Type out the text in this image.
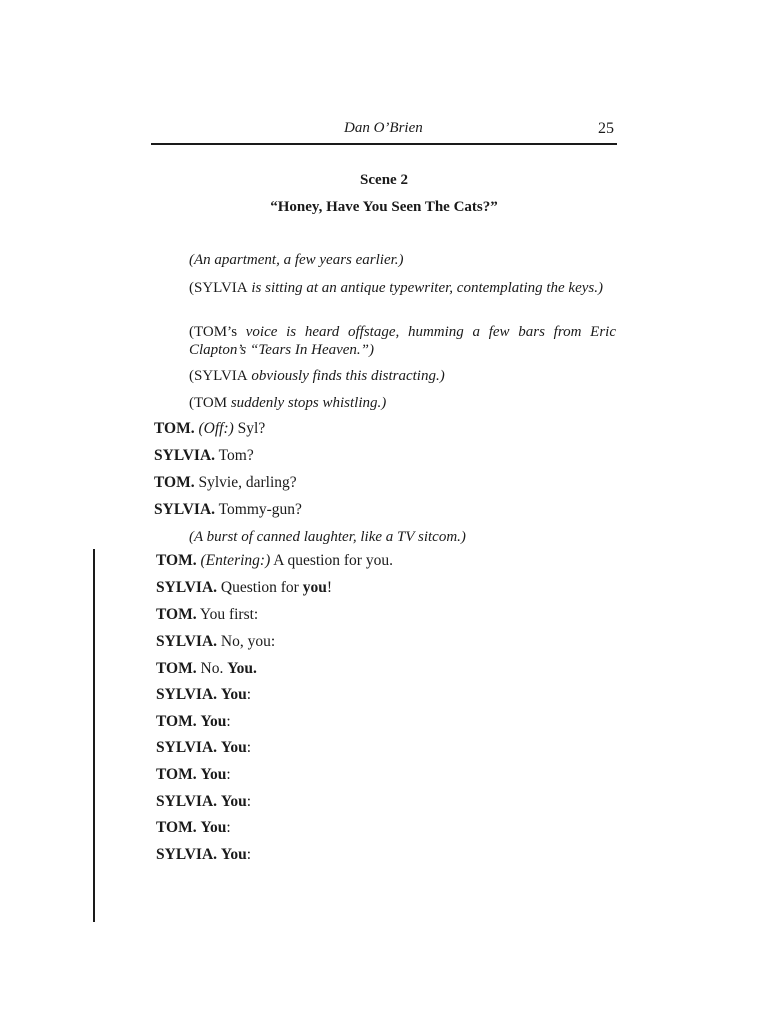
Dan O’Brien	25
Scene 2
“Honey, Have You Seen The Cats?”
(An apartment, a few years earlier.)
(SYLVIA is sitting at an antique typewriter, contemplating the keys.)
(TOM’s voice is heard offstage, humming a few bars from Eric Clapton’s “Tears In Heaven.”)
(SYLVIA obviously finds this distracting.)
(TOM suddenly stops whistling.)
TOM. (Off:) Syl?
SYLVIA. Tom?
TOM. Sylvie, darling?
SYLVIA. Tommy-gun?
(A burst of canned laughter, like a TV sitcom.)
TOM. (Entering:) A question for you.
SYLVIA. Question for you!
TOM. You first:
SYLVIA. No, you:
TOM. No. You.
SYLVIA. You:
TOM. You:
SYLVIA. You:
TOM. You:
SYLVIA. You:
TOM. You:
SYLVIA. You:
